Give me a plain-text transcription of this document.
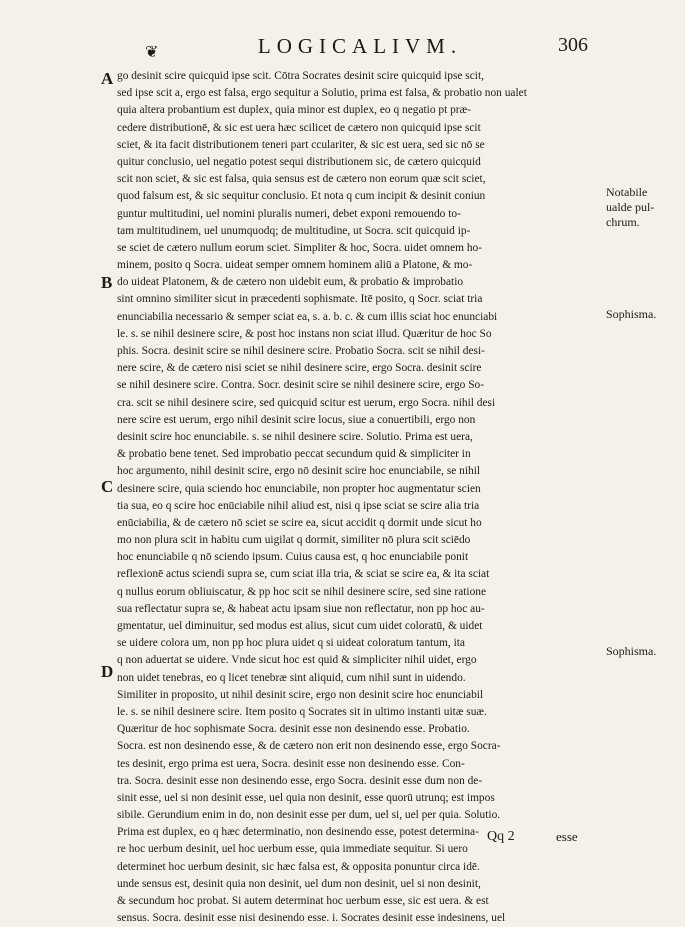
❦	LOGICALIVM.	306
A
B
C
D
go desinit scire quicquid ipse scit. Cōtra Socrates desinit scire quicquid ipse scit,
sed ipse scit a, ergo est falsa, ergo sequitur a Solutio, prima est falsa, & probatio non ualet
quia altera probantium est duplex, quia minor est duplex, eo q negatio pt præ-
cedere distributionē, & sic est uera hæc scilicet de cætero non quicquid ipse scit
sciet, & ita facit distributionem teneri part cculariter, & sic est uera, sed sic nō se
quitur conclusio, uel negatio potest sequi distributionem sic, de cætero quicquid
scit non sciet, & sic est falsa, quia sensus est de cætero non eorum quæ scit sciet,
quod falsum est, & sic sequitur conclusio. Et nota q cum incipit & desinit coniun
guntur multitudini, uel nomini pluralis numeri, debet exponi remouendo to-
tam multitudinem, uel unumquodq; de multitudine, ut Socra. scit quicquid ip-
se sciet de cætero nullum eorum sciet. Simpliter & hoc, Socra. uidet omnem ho-
minem, posito q Socra. uideat semper omnem hominem aliū a Platone, & mo-
do uideat Platonem, & de cætero non uidebit eum, & probatio & improbatio
sint omnino similiter sicut in præcedenti sophismate. Itē posito, q Socr. sciat tria
enunciabilia necessario & semper sciat ea, s. a. b. c. & cum illis sciat hoc enunciabi
le. s. se nihil desinere scire, & post hoc instans non sciat illud. Quæritur de hoc So
phis. Socra. desinit scire se nihil desinere scire. Probatio Socra. scit se nihil desi-
nere scire, & de cætero nisi sciet se nihil desinere scire, ergo Socra. desinit scire
se nihil desinere scire. Contra. Socr. desinit scire se nihil desinere scire, ergo So-
cra. scit se nihil desinere scire, sed quicquid scitur est uerum, ergo Socra. nihil desi
nere scire est uerum, ergo nihil desinit scire locus, siue a conuertibili, ergo non
desinit scire hoc enunciabile. s. se nihil desinere scire. Solutio. Prima est uera,
& probatio bene tenet. Sed improbatio peccat secundum quid & simpliciter in
hoc argumento, nihil desinit scire, ergo nō desinit scire hoc enunciabile, se nihil
desinere scire, quia sciendo hoc enunciabile, non propter hoc augmentatur scien
tia sua, eo q scire hoc enūciabile nihil aliud est, nisi q ipse sciat se scire alia tria
enūciabilia, & de cætero nō sciet se scire ea, sicut accidit q dormit unde sicut ho
mo non plura scit in habitu cum uigilat q dormit, similiter nō plura scit sciēdo
hoc enunciabile q nō sciendo ipsum. Cuius causa est, q hoc enunciabile ponit
reflexionē actus sciendi supra se, cum sciat illa tria, & sciat se scire ea, & ita sciat
q nullus eorum obliuiscatur, & pp hoc scit se nihil desinere scire, sed sine ratione
sua reflectatur supra se, & habeat actu ipsam siue non reflectatur, non pp hoc au-
gmentatur, uel diminuitur, sed modus est alius, sicut cum uidet coloratū, & uidet
se uidere colora um, non pp hoc plura uidet q si uideat coloratum tantum, ita
q non aduertat se uidere. Vnde sicut hoc est quid & simpliciter nihil uidet, ergo
non uidet tenebras, eo q licet tenebræ sint aliquid, cum nihil sunt in uidendo.
Similiter in proposito, ut nihil desinit scire, ergo non desinit scire hoc enunciabil
le. s. se nihil desinere scire. Item posito q Socrates sit in ultimo instanti uitæ suæ.
Quæritur de hoc sophismate Socra. desinit esse non desinendo esse. Probatio.
Socra. est non desinendo esse, & de cætero non erit non desinendo esse, ergo Socra-
tes desinit, ergo prima est uera, Socra. desinit esse non desinendo esse. Con-
tra. Socra. desinit esse non desinendo esse, ergo Socra. desinit esse dum non de-
sinit esse, uel si non desinit esse, uel quia non desinit, esse quorū utrunq; est impos
sibile. Gerundium enim in do, non desinit esse per dum, uel si, uel per quia. Solutio.
Prima est duplex, eo q hæc determinatio, non desinendo esse, potest determina-
re hoc uerbum desinit, uel hoc uerbum esse, quia immediate sequitur. Si uero
determinet hoc uerbum desinit, sic hæc falsa est, & opposita ponuntur circa idē.
unde sensus est, desinit quia non desinit, uel dum non desinit, uel si non desinit,
& secundum hoc probat. Si autem determinat hoc uerbum esse, sic est uera. & est
sensus. Socra. desinit esse nisi desinendo esse. i. Socrates desinit esse indesinens, uel
Notabile
ualde pul-
chrum.
Sophisma.
Sophisma.
Qq 2	esse
